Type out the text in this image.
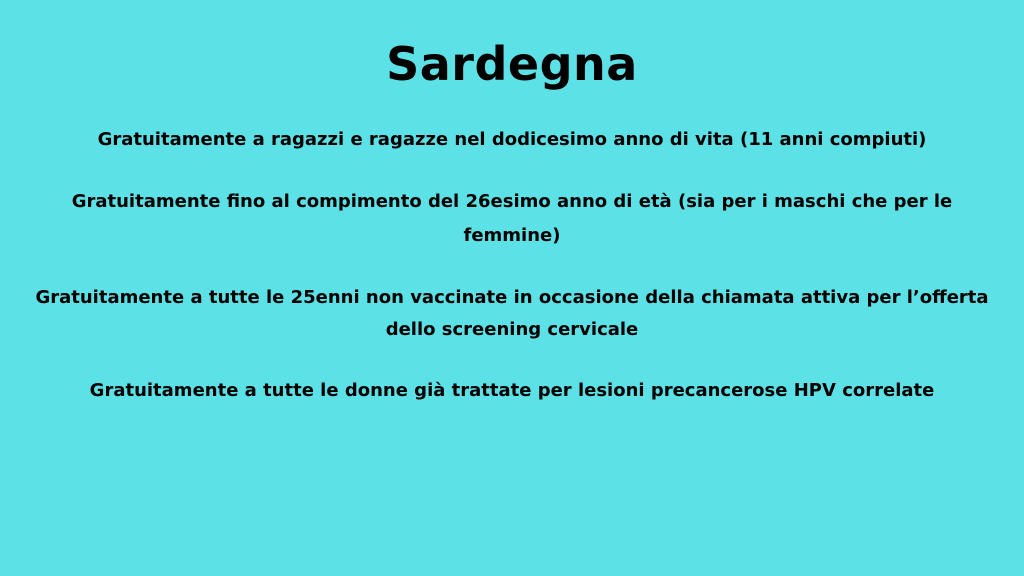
Sardegna
Gratuitamente a ragazzi e ragazze nel dodicesimo anno di vita (11 anni compiuti)
Gratuitamente fino al compimento del 26esimo anno di età (sia per i maschi che per le
femmine)
Gratuitamente a tutte le 25enni non vaccinate in occasione della chiamata attiva per l’offerta
dello screening cervicale
Gratuitamente a tutte le donne già trattate per lesioni precancerose HPV correlate
